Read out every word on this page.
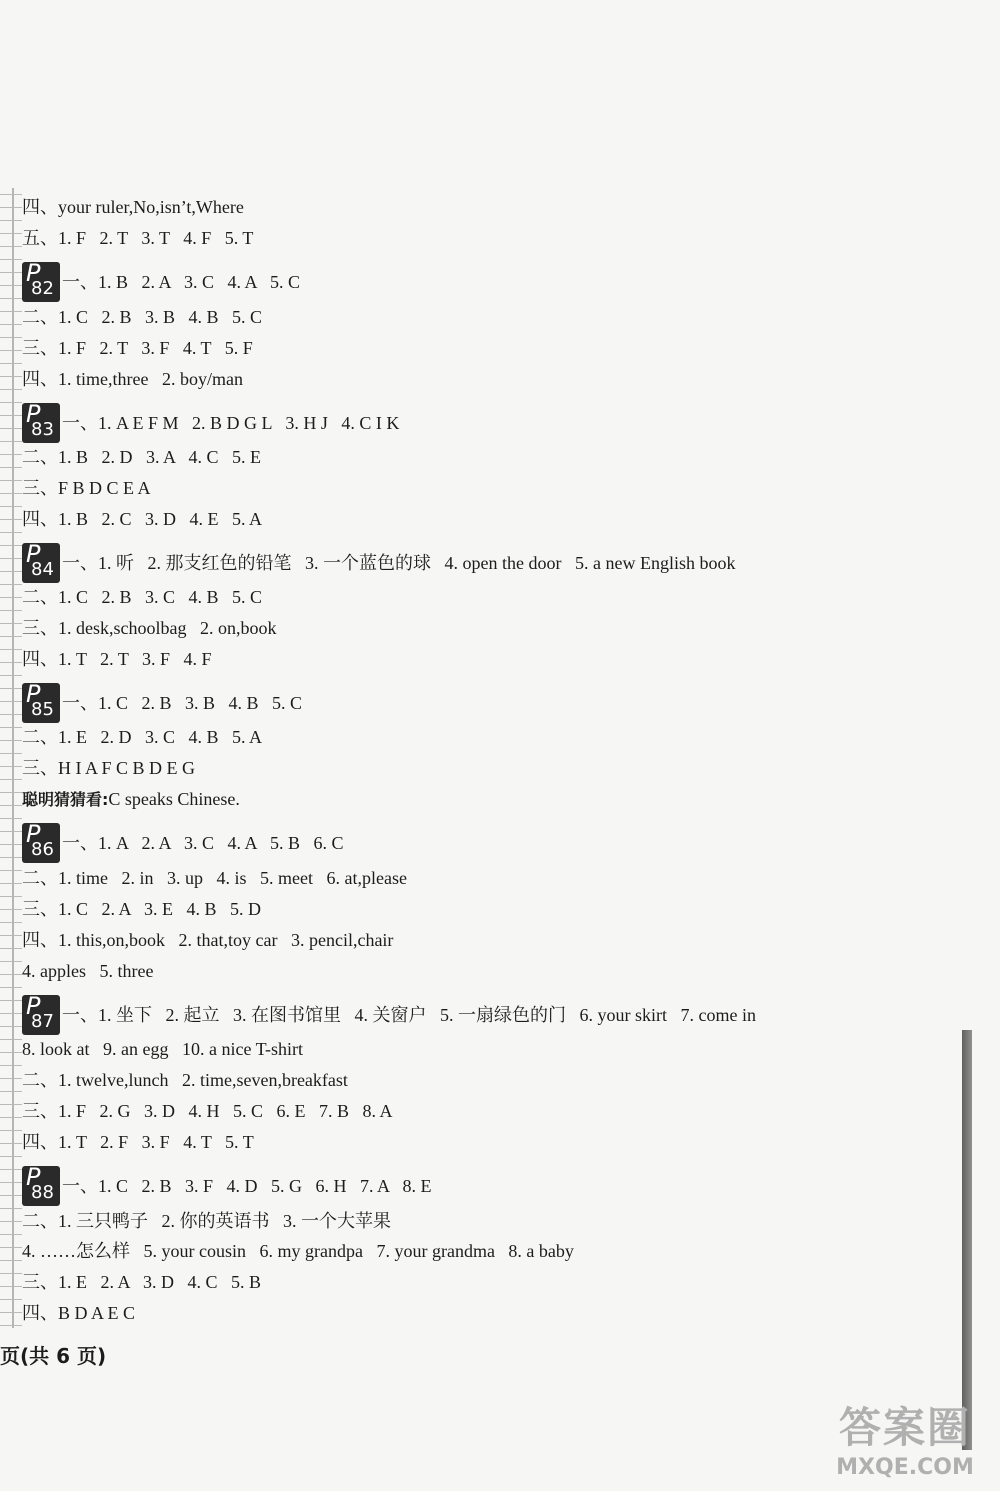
四、your ruler,No,isn’t,Where
五、1. F   2. T   3. T   4. F   5. T
P
82 一、1. B   2. A   3. C   4. A   5. C
二、1. C   2. B   3. B   4. B   5. C
三、1. F   2. T   3. F   4. T   5. F
四、1. time,three   2. boy/man
P
83 一、1. A E F M   2. B D G L   3. H J   4. C I K
二、1. B   2. D   3. A   4. C   5. E
三、F B D C E A
四、1. B   2. C   3. D   4. E   5. A
P
84 一、1. 听   2. 那支红色的铅笔   3. 一个蓝色的球   4. open the door   5. a new English book
二、1. C   2. B   3. C   4. B   5. C
三、1. desk,schoolbag   2. on,book
四、1. T   2. T   3. F   4. F
P
85 一、1. C   2. B   3. B   4. B   5. C
二、1. E   2. D   3. C   4. B   5. A
三、H I A F C B D E G
聪明猜猜看:C speaks Chinese.
P
86 一、1. A   2. A   3. C   4. A   5. B   6. C
二、1. time   2. in   3. up   4. is   5. meet   6. at,please
三、1. C   2. A   3. E   4. B   5. D
四、1. this,on,book   2. that,toy car   3. pencil,chair
4. apples   5. three
P
87 一、1. 坐下   2. 起立   3. 在图书馆里   4. 关窗户   5. 一扇绿色的门   6. your skirt   7. come in
8. look at   9. an egg   10. a nice T-shirt
二、1. twelve,lunch   2. time,seven,breakfast
三、1. F   2. G   3. D   4. H   5. C   6. E   7. B   8. A
四、1. T   2. F   3. F   4. T   5. T
P
88 一、1. C   2. B   3. F   4. D   5. G   6. H   7. A   8. E
二、1. 三只鸭子   2. 你的英语书   3. 一个大苹果
4. ……怎么样   5. your cousin   6. my grandpa   7. your grandma   8. a baby
三、1. E   2. A   3. D   4. C   5. B
四、B D A E C
页(共 6 页)
答案圈
MXQE.COM
